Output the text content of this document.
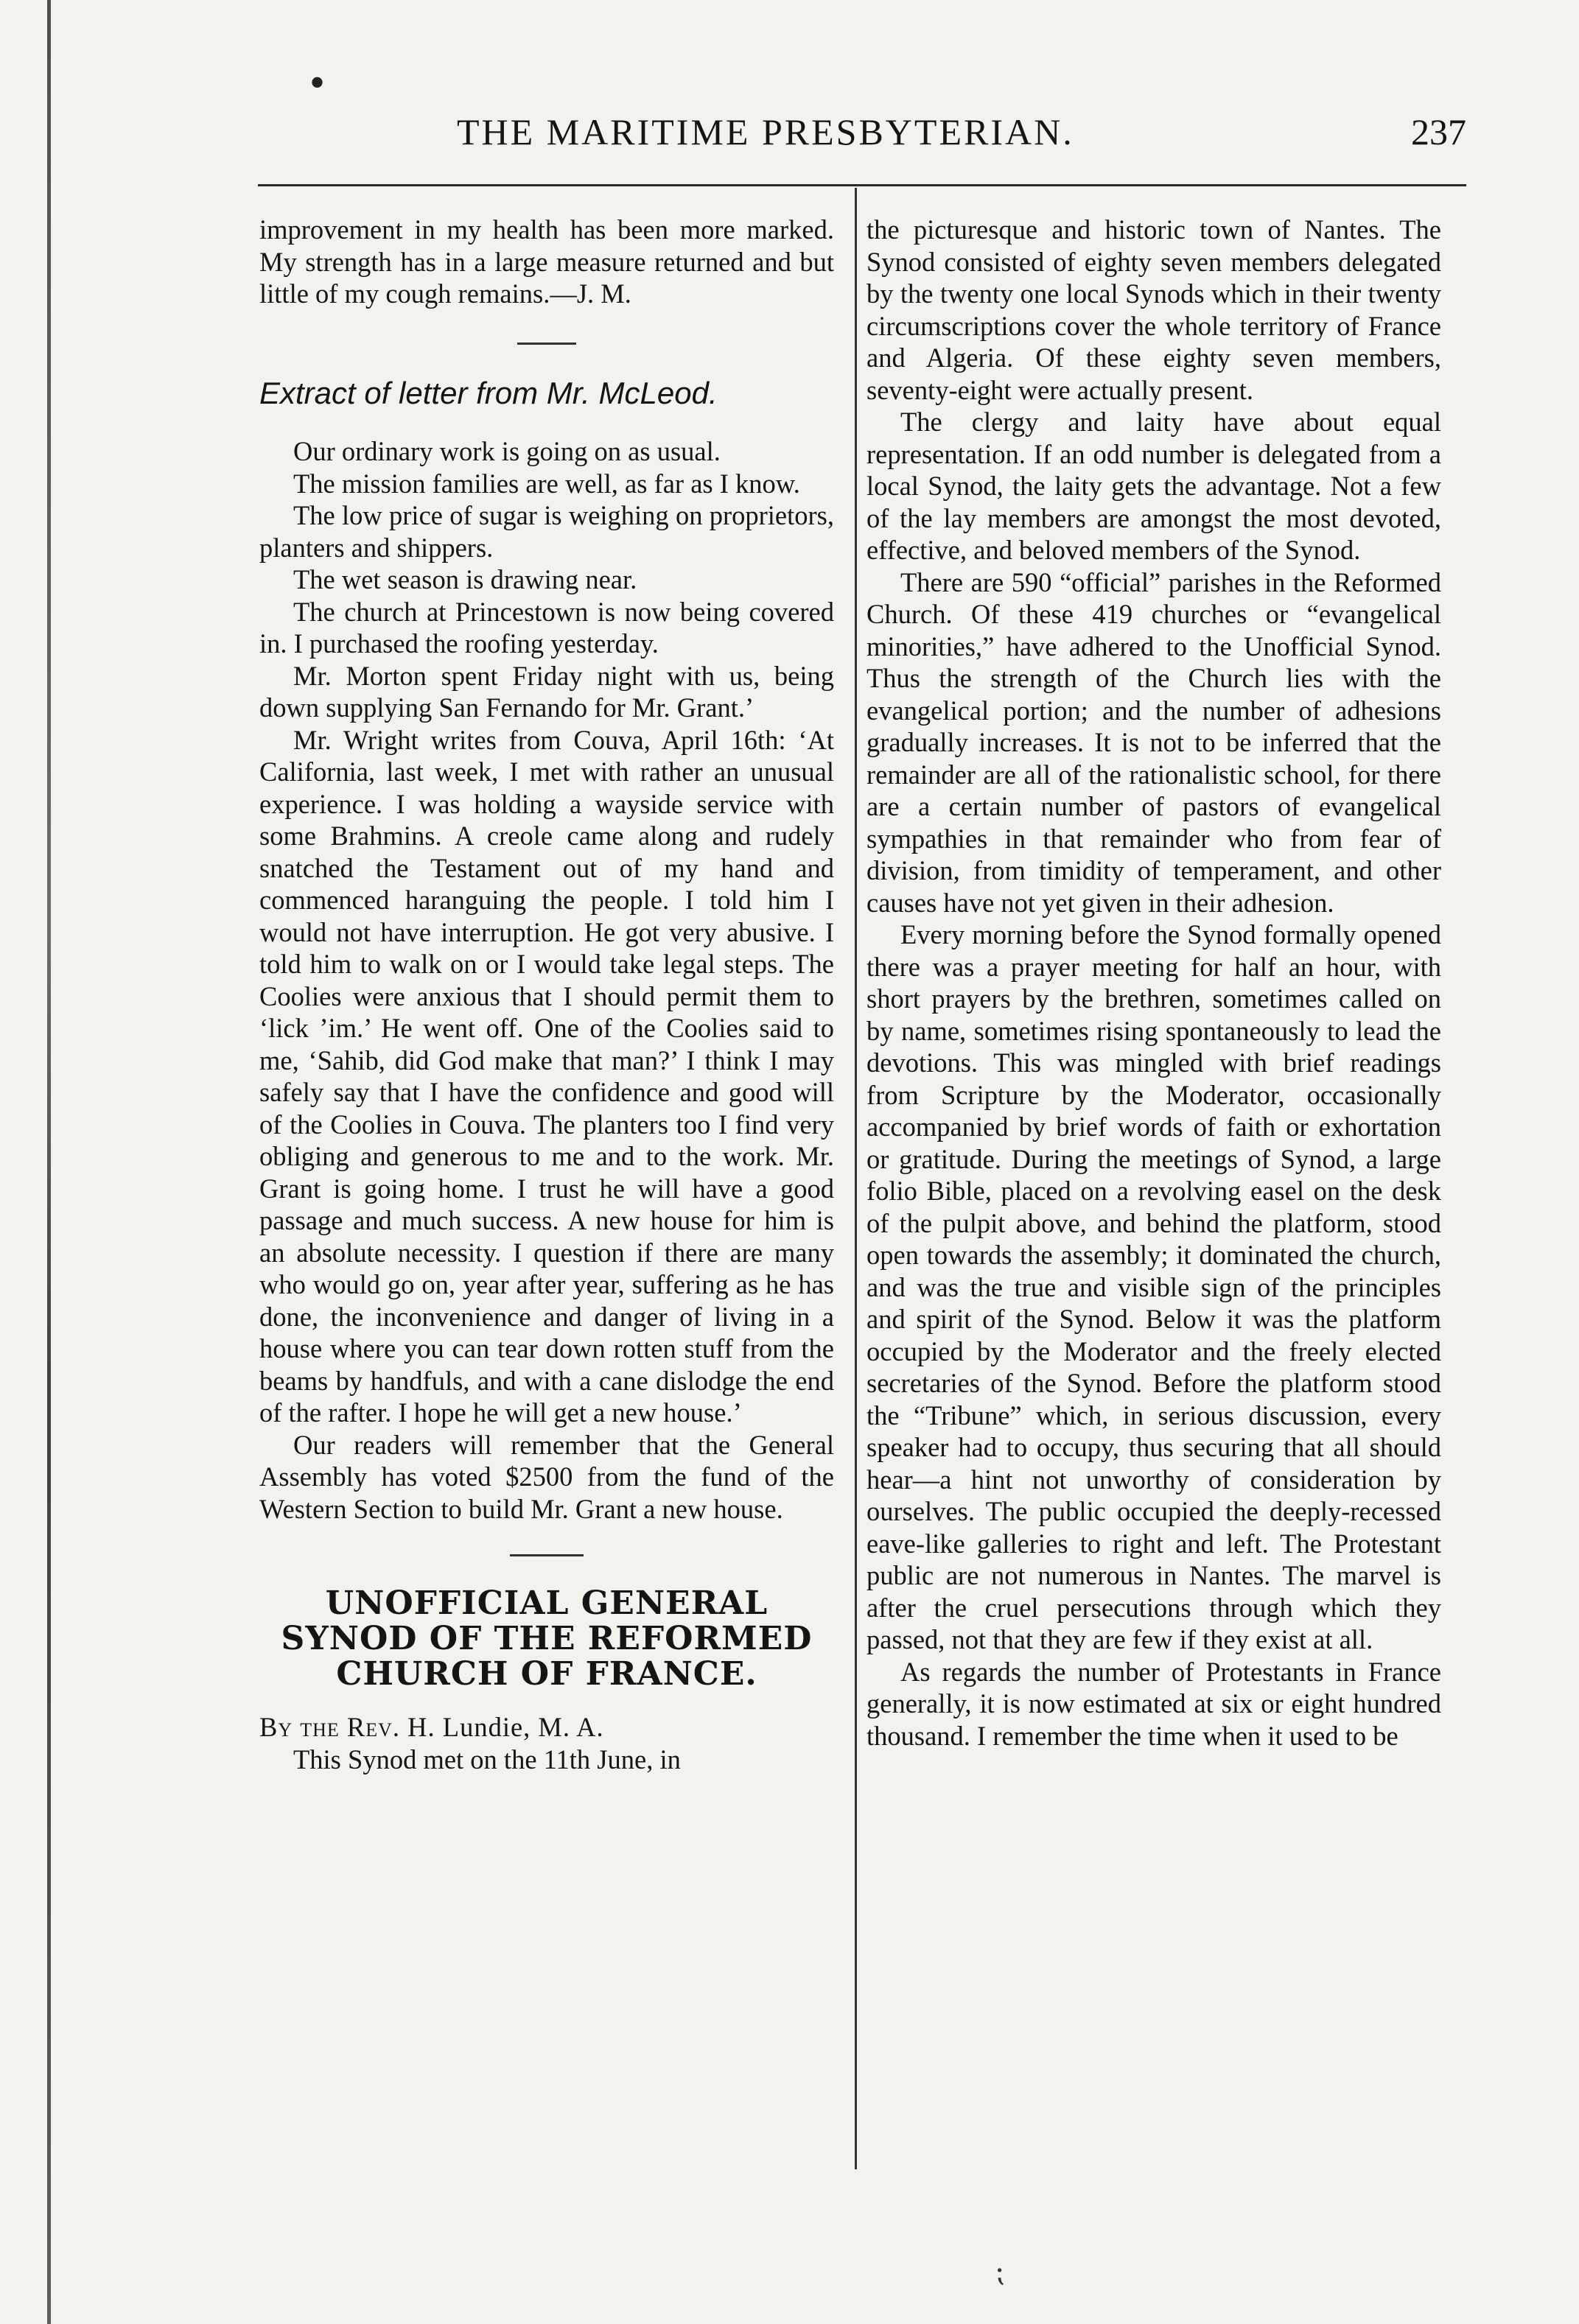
•
THE MARITIME PRESBYTERIAN.	237

improvement in my health has been more marked. My strength has in a large measure returned and but little of my cough remains.—J. M.

Extract of letter from Mr. McLeod.

Our ordinary work is going on as usual.

The mission families are well, as far as I know.

The low price of sugar is weighing on proprietors, planters and shippers.

The wet season is drawing near.

The church at Princestown is now being covered in. I purchased the roofing yesterday.

Mr. Morton spent Friday night with us, being down supplying San Fernando for Mr. Grant.’

Mr. Wright writes from Couva, April 16th: ‘At California, last week, I met with rather an unusual experience. I was holding a wayside service with some Brahmins. A creole came along and rudely snatched the Testament out of my hand and commenced haranguing the people. I told him I would not have interruption. He got very abusive. I told him to walk on or I would take legal steps. The Coolies were anxious that I should permit them to ‘lick ’im.’ He went off. One of the Coolies said to me, ‘Sahib, did God make that man?’ I think I may safely say that I have the confidence and good will of the Coolies in Couva. The planters too I find very obliging and generous to me and to the work. Mr. Grant is going home. I trust he will have a good passage and much success. A new house for him is an absolute necessity. I question if there are many who would go on, year after year, suffering as he has done, the inconvenience and danger of living in a house where you can tear down rotten stuff from the beams by handfuls, and with a cane dislodge the end of the rafter. I hope he will get a new house.’

Our readers will remember that the General Assembly has voted $2500 from the fund of the Western Section to build Mr. Grant a new house.

UNOFFICIAL GENERAL SYNOD OF THE REFORMED CHURCH OF FRANCE.

By the Rev. H. Lundie, M. A.

This Synod met on the 11th June, in

the picturesque and historic town of Nantes. The Synod consisted of eighty seven members delegated by the twenty one local Synods which in their twenty circumscriptions cover the whole territory of France and Algeria. Of these eighty seven members, seventy-eight were actually present.

The clergy and laity have about equal representation. If an odd number is delegated from a local Synod, the laity gets the advantage. Not a few of the lay members are amongst the most devoted, effective, and beloved members of the Synod.

There are 590 “official” parishes in the Reformed Church. Of these 419 churches or “evangelical minorities,” have adhered to the Unofficial Synod. Thus the strength of the Church lies with the evangelical portion; and the number of adhesions gradually increases. It is not to be inferred that the remainder are all of the rationalistic school, for there are a certain number of pastors of evangelical sympathies in that remainder who from fear of division, from timidity of temperament, and other causes have not yet given in their adhesion.

Every morning before the Synod formally opened there was a prayer meeting for half an hour, with short prayers by the brethren, sometimes called on by name, sometimes rising spontaneously to lead the devotions. This was mingled with brief readings from Scripture by the Moderator, occasionally accompanied by brief words of faith or exhortation or gratitude. During the meetings of Synod, a large folio Bible, placed on a revolving easel on the desk of the pulpit above, and behind the platform, stood open towards the assembly; it dominated the church, and was the true and visible sign of the principles and spirit of the Synod. Below it was the platform occupied by the Moderator and the freely elected secretaries of the Synod. Before the platform stood the “Tribune” which, in serious discussion, every speaker had to occupy, thus securing that all should hear—a hint not unworthy of consideration by ourselves. The public occupied the deeply-recessed eave-like galleries to right and left. The Protestant public are not numerous in Nantes. The marvel is after the cruel persecutions through which they passed, not that they are few if they exist at all.

As regards the number of Protestants in France generally, it is now estimated at six or eight hundred thousand. I remember the time when it used to be

⁏
